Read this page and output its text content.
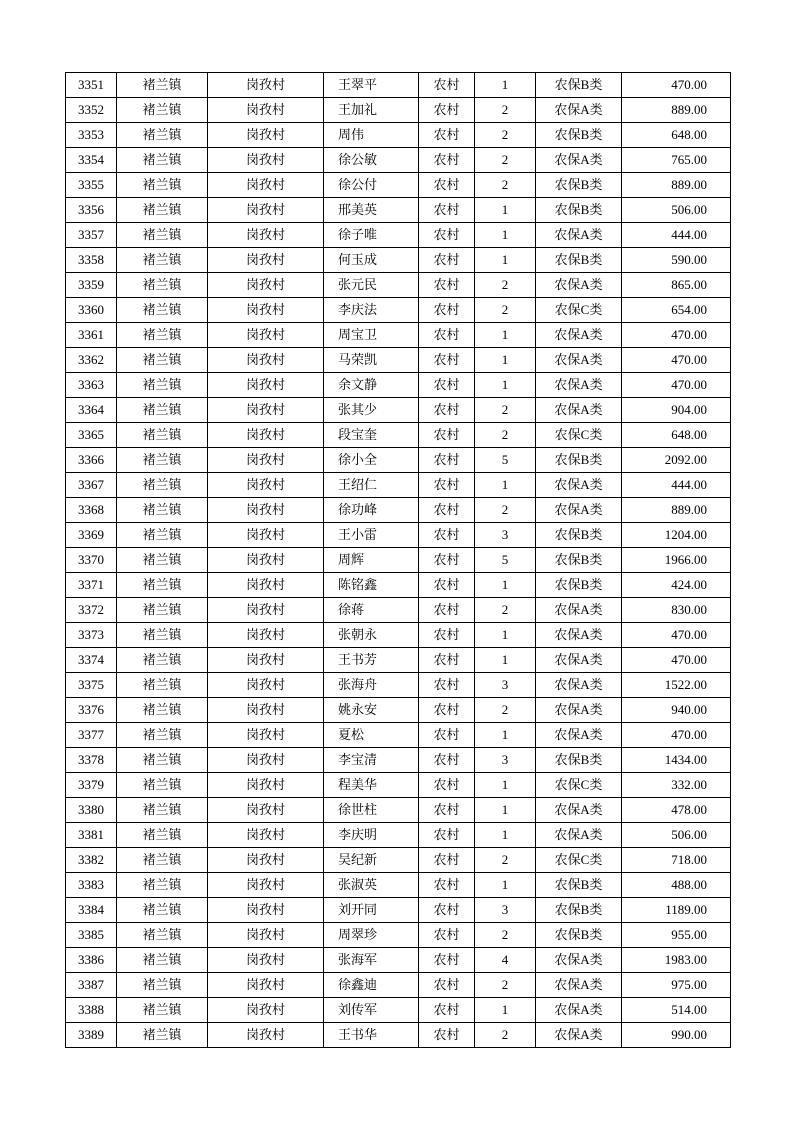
3351	褚兰镇	岗孜村	王翠平	农村	1	农保B类	470.00
3352	褚兰镇	岗孜村	王加礼	农村	2	农保A类	889.00
3353	褚兰镇	岗孜村	周伟	农村	2	农保B类	648.00
3354	褚兰镇	岗孜村	徐公敏	农村	2	农保A类	765.00
3355	褚兰镇	岗孜村	徐公付	农村	2	农保B类	889.00
3356	褚兰镇	岗孜村	邢美英	农村	1	农保B类	506.00
3357	褚兰镇	岗孜村	徐子唯	农村	1	农保A类	444.00
3358	褚兰镇	岗孜村	何玉成	农村	1	农保B类	590.00
3359	褚兰镇	岗孜村	张元民	农村	2	农保A类	865.00
3360	褚兰镇	岗孜村	李庆法	农村	2	农保C类	654.00
3361	褚兰镇	岗孜村	周宝卫	农村	1	农保A类	470.00
3362	褚兰镇	岗孜村	马荣凯	农村	1	农保A类	470.00
3363	褚兰镇	岗孜村	余文静	农村	1	农保A类	470.00
3364	褚兰镇	岗孜村	张其少	农村	2	农保A类	904.00
3365	褚兰镇	岗孜村	段宝奎	农村	2	农保C类	648.00
3366	褚兰镇	岗孜村	徐小全	农村	5	农保B类	2092.00
3367	褚兰镇	岗孜村	王绍仁	农村	1	农保A类	444.00
3368	褚兰镇	岗孜村	徐功峰	农村	2	农保A类	889.00
3369	褚兰镇	岗孜村	王小雷	农村	3	农保B类	1204.00
3370	褚兰镇	岗孜村	周辉	农村	5	农保B类	1966.00
3371	褚兰镇	岗孜村	陈铭鑫	农村	1	农保B类	424.00
3372	褚兰镇	岗孜村	徐蒋	农村	2	农保A类	830.00
3373	褚兰镇	岗孜村	张朝永	农村	1	农保A类	470.00
3374	褚兰镇	岗孜村	王书芳	农村	1	农保A类	470.00
3375	褚兰镇	岗孜村	张海舟	农村	3	农保A类	1522.00
3376	褚兰镇	岗孜村	姚永安	农村	2	农保A类	940.00
3377	褚兰镇	岗孜村	夏松	农村	1	农保A类	470.00
3378	褚兰镇	岗孜村	李宝清	农村	3	农保B类	1434.00
3379	褚兰镇	岗孜村	程美华	农村	1	农保C类	332.00
3380	褚兰镇	岗孜村	徐世柱	农村	1	农保A类	478.00
3381	褚兰镇	岗孜村	李庆明	农村	1	农保A类	506.00
3382	褚兰镇	岗孜村	吴纪新	农村	2	农保C类	718.00
3383	褚兰镇	岗孜村	张淑英	农村	1	农保B类	488.00
3384	褚兰镇	岗孜村	刘开同	农村	3	农保B类	1189.00
3385	褚兰镇	岗孜村	周翠珍	农村	2	农保B类	955.00
3386	褚兰镇	岗孜村	张海军	农村	4	农保A类	1983.00
3387	褚兰镇	岗孜村	徐鑫迪	农村	2	农保A类	975.00
3388	褚兰镇	岗孜村	刘传军	农村	1	农保A类	514.00
3389	褚兰镇	岗孜村	王书华	农村	2	农保A类	990.00
